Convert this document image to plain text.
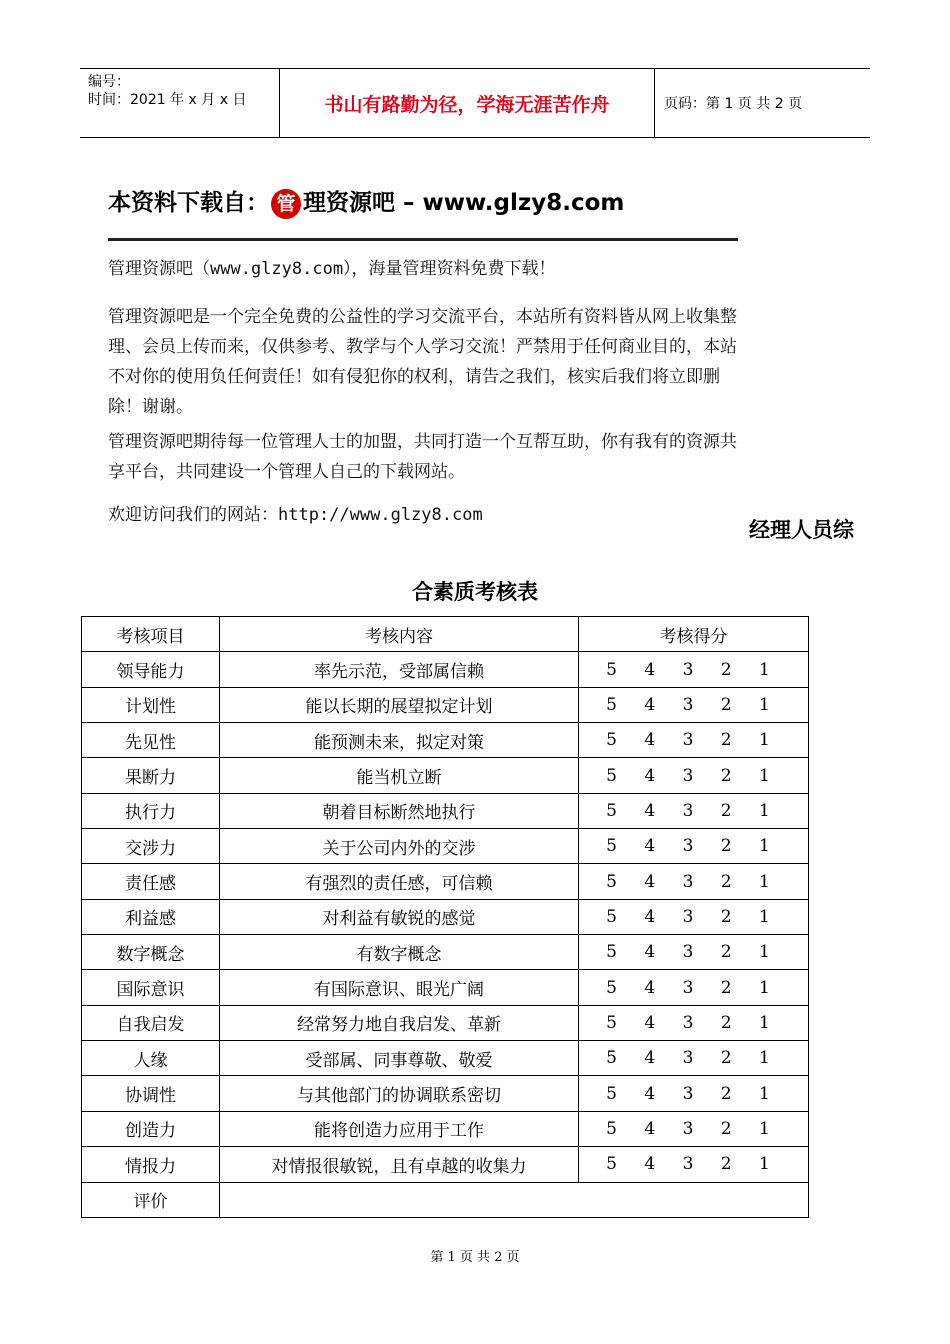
编号：
时间：2021 年 x 月 x 日	书山有路勤为径，学海无涯苦作舟	页码：第 1 页 共 2 页
本资料下载自： 管 理资源吧 – www.glzy8.com
管理资源吧（www.glzy8.com），海量管理资料免费下载！
管理资源吧是一个完全免费的公益性的学习交流平台，本站所有资料皆从网上收集整理、会员上传而来，仅供参考、教学与个人学习交流！严禁用于任何商业目的，本站不对你的使用负任何责任！如有侵犯你的权利，请告之我们，核实后我们将立即删除！谢谢。
管理资源吧期待每一位管理人士的加盟，共同打造一个互帮互助，你有我有的资源共享平台，共同建设一个管理人自己的下载网站。
欢迎访问我们的网站：http://www.glzy8.com
经理人员综
合素质考核表
考核项目	考核内容	考核得分
领导能力	率先示范，受部属信赖	5 4 3 2 1
计划性	能以长期的展望拟定计划	5 4 3 2 1
先见性	能预测未来，拟定对策	5 4 3 2 1
果断力	能当机立断	5 4 3 2 1
执行力	朝着目标断然地执行	5 4 3 2 1
交涉力	关于公司内外的交涉	5 4 3 2 1
责任感	有强烈的责任感，可信赖	5 4 3 2 1
利益感	对利益有敏锐的感觉	5 4 3 2 1
数字概念	有数字概念	5 4 3 2 1
国际意识	有国际意识、眼光广阔	5 4 3 2 1
自我启发	经常努力地自我启发、革新	5 4 3 2 1
人缘	受部属、同事尊敬、敬爱	5 4 3 2 1
协调性	与其他部门的协调联系密切	5 4 3 2 1
创造力	能将创造力应用于工作	5 4 3 2 1
情报力	对情报很敏锐，且有卓越的收集力	5 4 3 2 1
评价		
第 1 页 共 2 页
